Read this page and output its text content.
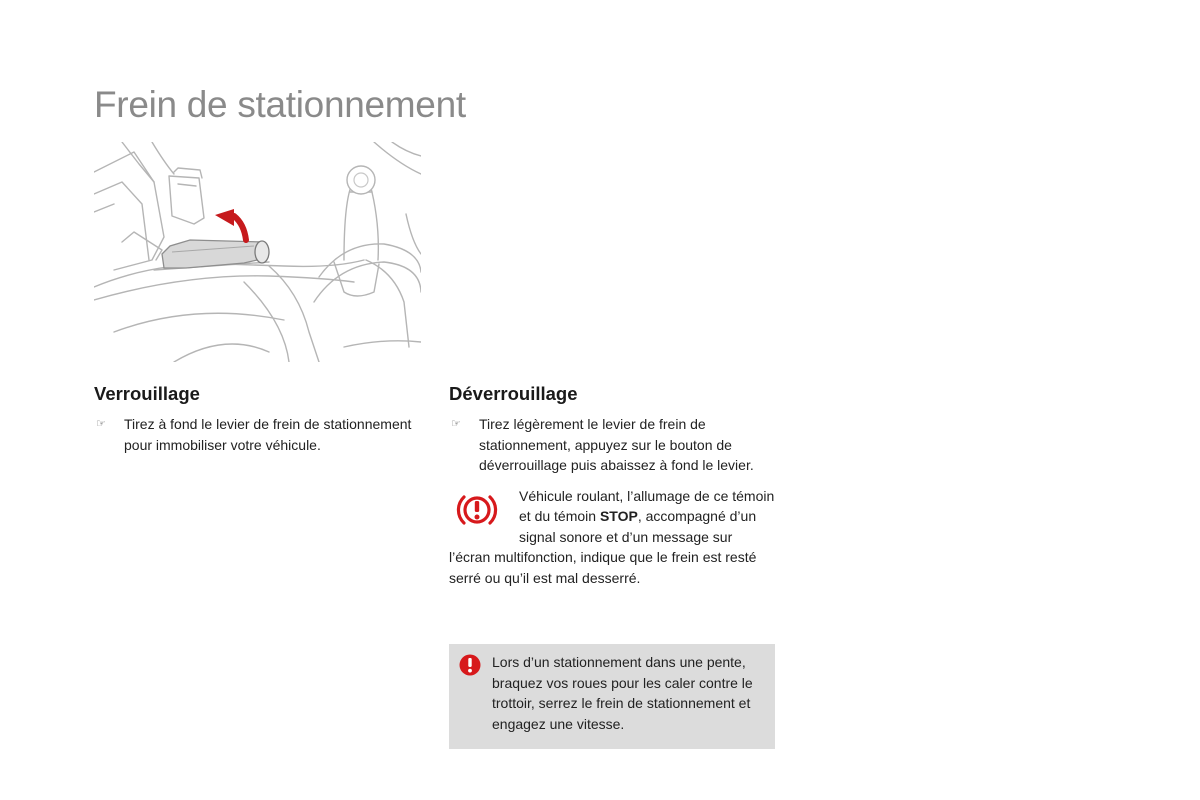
Frein de stationnement
Verrouillage
☞	Tirez à fond le levier de frein de stationnement pour immobiliser votre véhicule.
Déverrouillage
☞	Tirez légèrement le levier de frein de stationnement, appuyez sur le bouton de déverrouillage puis abaissez à fond le levier.
Véhicule roulant, l’allumage de ce témoin et du témoin STOP, accompagné d’un signal sonore et d’un message sur l’écran multifonction, indique que le frein est resté serré ou qu’il est mal desserré.
Lors d’un stationnement dans une pente, braquez vos roues pour les caler contre le trottoir, serrez le frein de stationnement et engagez une vitesse.
